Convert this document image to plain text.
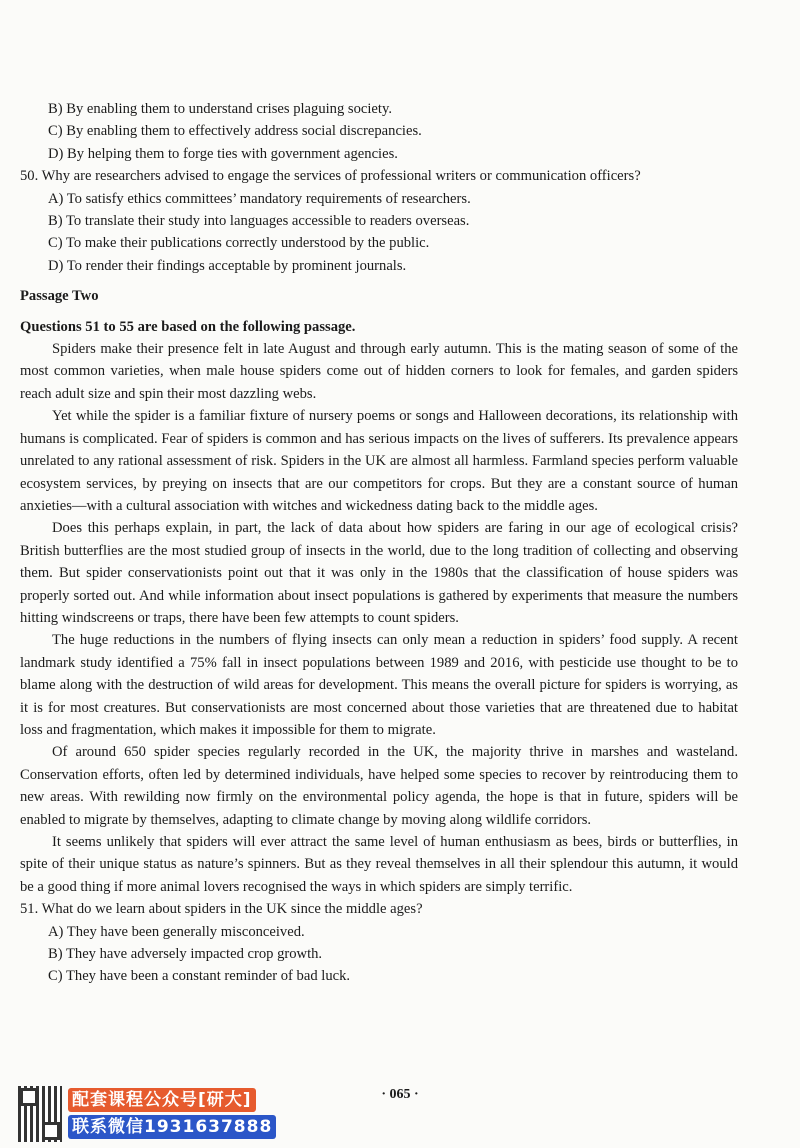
B) By enabling them to understand crises plaguing society.
C) By enabling them to effectively address social discrepancies.
D) By helping them to forge ties with government agencies.
50. Why are researchers advised to engage the services of professional writers or communication officers?
A) To satisfy ethics committees’ mandatory requirements of researchers.
B) To translate their study into languages accessible to readers overseas.
C) To make their publications correctly understood by the public.
D) To render their findings acceptable by prominent journals.
Passage Two
Questions 51 to 55 are based on the following passage.

Spiders make their presence felt in late August and through early autumn. This is the mating season of some of the most common varieties, when male house spiders come out of hidden corners to look for females, and garden spiders reach adult size and spin their most dazzling webs.

Yet while the spider is a familiar fixture of nursery poems or songs and Halloween decorations, its relationship with humans is complicated. Fear of spiders is common and has serious impacts on the lives of sufferers. Its prevalence appears unrelated to any rational assessment of risk. Spiders in the UK are almost all harmless. Farmland species perform valuable ecosystem services, by preying on insects that are our competitors for crops. But they are a constant source of human anxieties—with a cultural association with witches and wickedness dating back to the middle ages.

Does this perhaps explain, in part, the lack of data about how spiders are faring in our age of ecological crisis? British butterflies are the most studied group of insects in the world, due to the long tradition of collecting and observing them. But spider conservationists point out that it was only in the 1980s that the classification of house spiders was properly sorted out. And while information about insect populations is gathered by experiments that measure the numbers hitting windscreens or traps, there have been few attempts to count spiders.

The huge reductions in the numbers of flying insects can only mean a reduction in spiders’ food supply. A recent landmark study identified a 75% fall in insect populations between 1989 and 2016, with pesticide use thought to be to blame along with the destruction of wild areas for development. This means the overall picture for spiders is worrying, as it is for most creatures. But conservationists are most concerned about those varieties that are threatened due to habitat loss and fragmentation, which makes it impossible for them to migrate.

Of around 650 spider species regularly recorded in the UK, the majority thrive in marshes and wasteland. Conservation efforts, often led by determined individuals, have helped some species to recover by reintroducing them to new areas. With rewilding now firmly on the environmental policy agenda, the hope is that in future, spiders will be enabled to migrate by themselves, adapting to climate change by moving along wildlife corridors.

It seems unlikely that spiders will ever attract the same level of human enthusiasm as bees, birds or butterflies, in spite of their unique status as nature’s spinners. But as they reveal themselves in all their splendour this autumn, it would be a good thing if more animal lovers recognised the ways in which spiders are simply terrific.

51. What do we learn about spiders in the UK since the middle ages?
A) They have been generally misconceived.
B) They have adversely impacted crop growth.
C) They have been a constant reminder of bad luck.
· 065 ·
配套课程公众号[研大]
联系微信1931637888
